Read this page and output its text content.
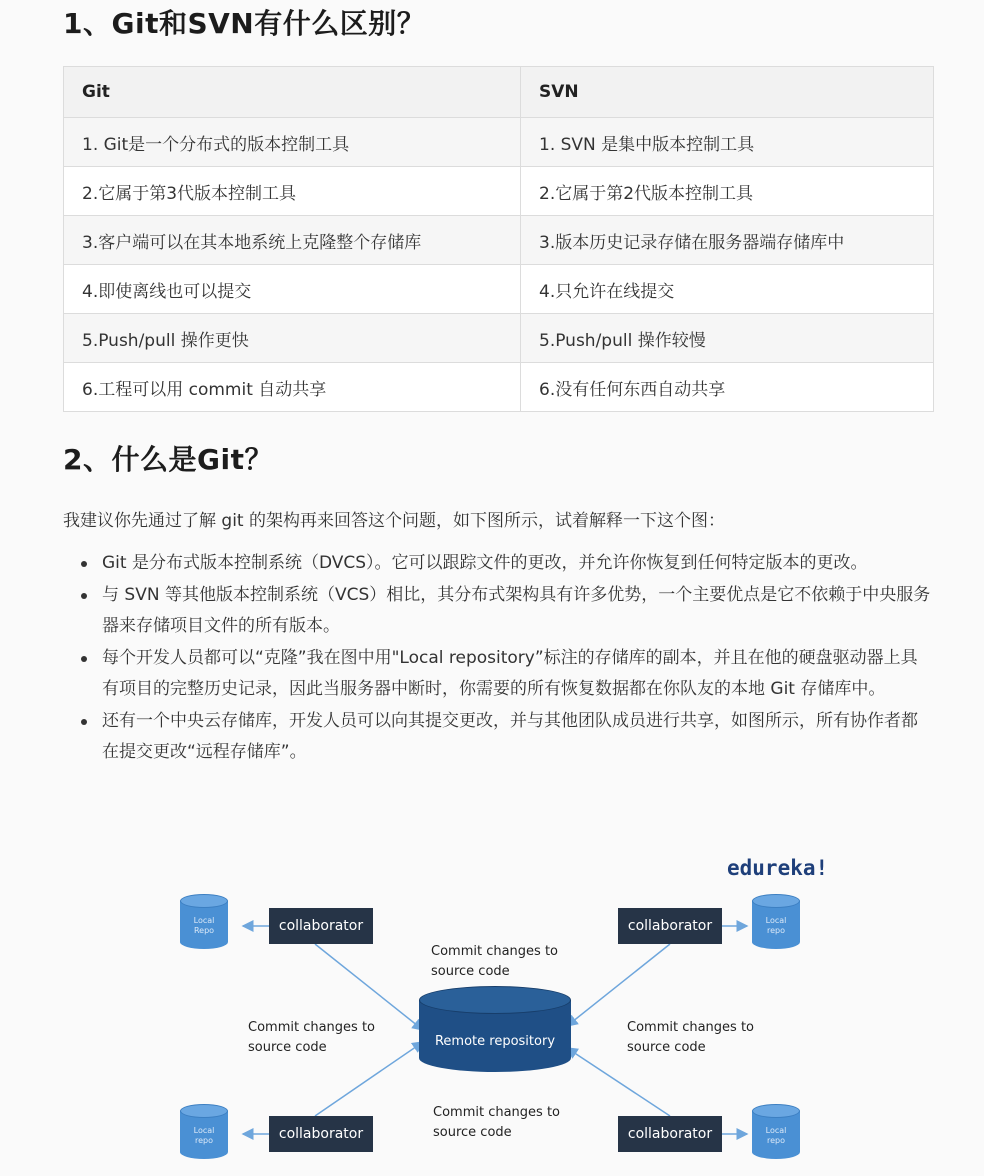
1、Git和SVN有什么区别？
Git	SVN
1. Git是一个分布式的版本控制工具	1. SVN 是集中版本控制工具
2.它属于第3代版本控制工具	2.它属于第2代版本控制工具
3.客户端可以在其本地系统上克隆整个存储库	3.版本历史记录存储在服务器端存储库中
4.即使离线也可以提交	4.只允许在线提交
5.Push/pull 操作更快	5.Push/pull 操作较慢
6.工程可以用 commit 自动共享	6.没有任何东西自动共享
2、什么是Git？

我建议你先通过了解 git 的架构再来回答这个问题，如下图所示，试着解释一下这个图：

Git 是分布式版本控制系统（DVCS）。它可以跟踪文件的更改，并允许你恢复到任何特定版本的更改。
与 SVN 等其他版本控制系统（VCS）相比，其分布式架构具有许多优势，一个主要优点是它不依赖于中央服务器来存储项目文件的所有版本。
每个开发人员都可以“克隆”我在图中用"Local repository”标注的存储库的副本，并且在他的硬盘驱动器上具有项目的完整历史记录，因此当服务器中断时，你需要的所有恢复数据都在你队友的本地 Git 存储库中。
还有一个中央云存储库，开发人员可以向其提交更改，并与其他团队成员进行共享，如图所示，所有协作者都在提交更改“远程存储库”。
edureka!
Local
Repo
Local
repo
Local
repo
Local
repo
collaborator	collaborator
collaborator	collaborator
Remote repository
Commit changes to source code
Commit changes to source code
Commit changes to source code
Commit changes to source code
